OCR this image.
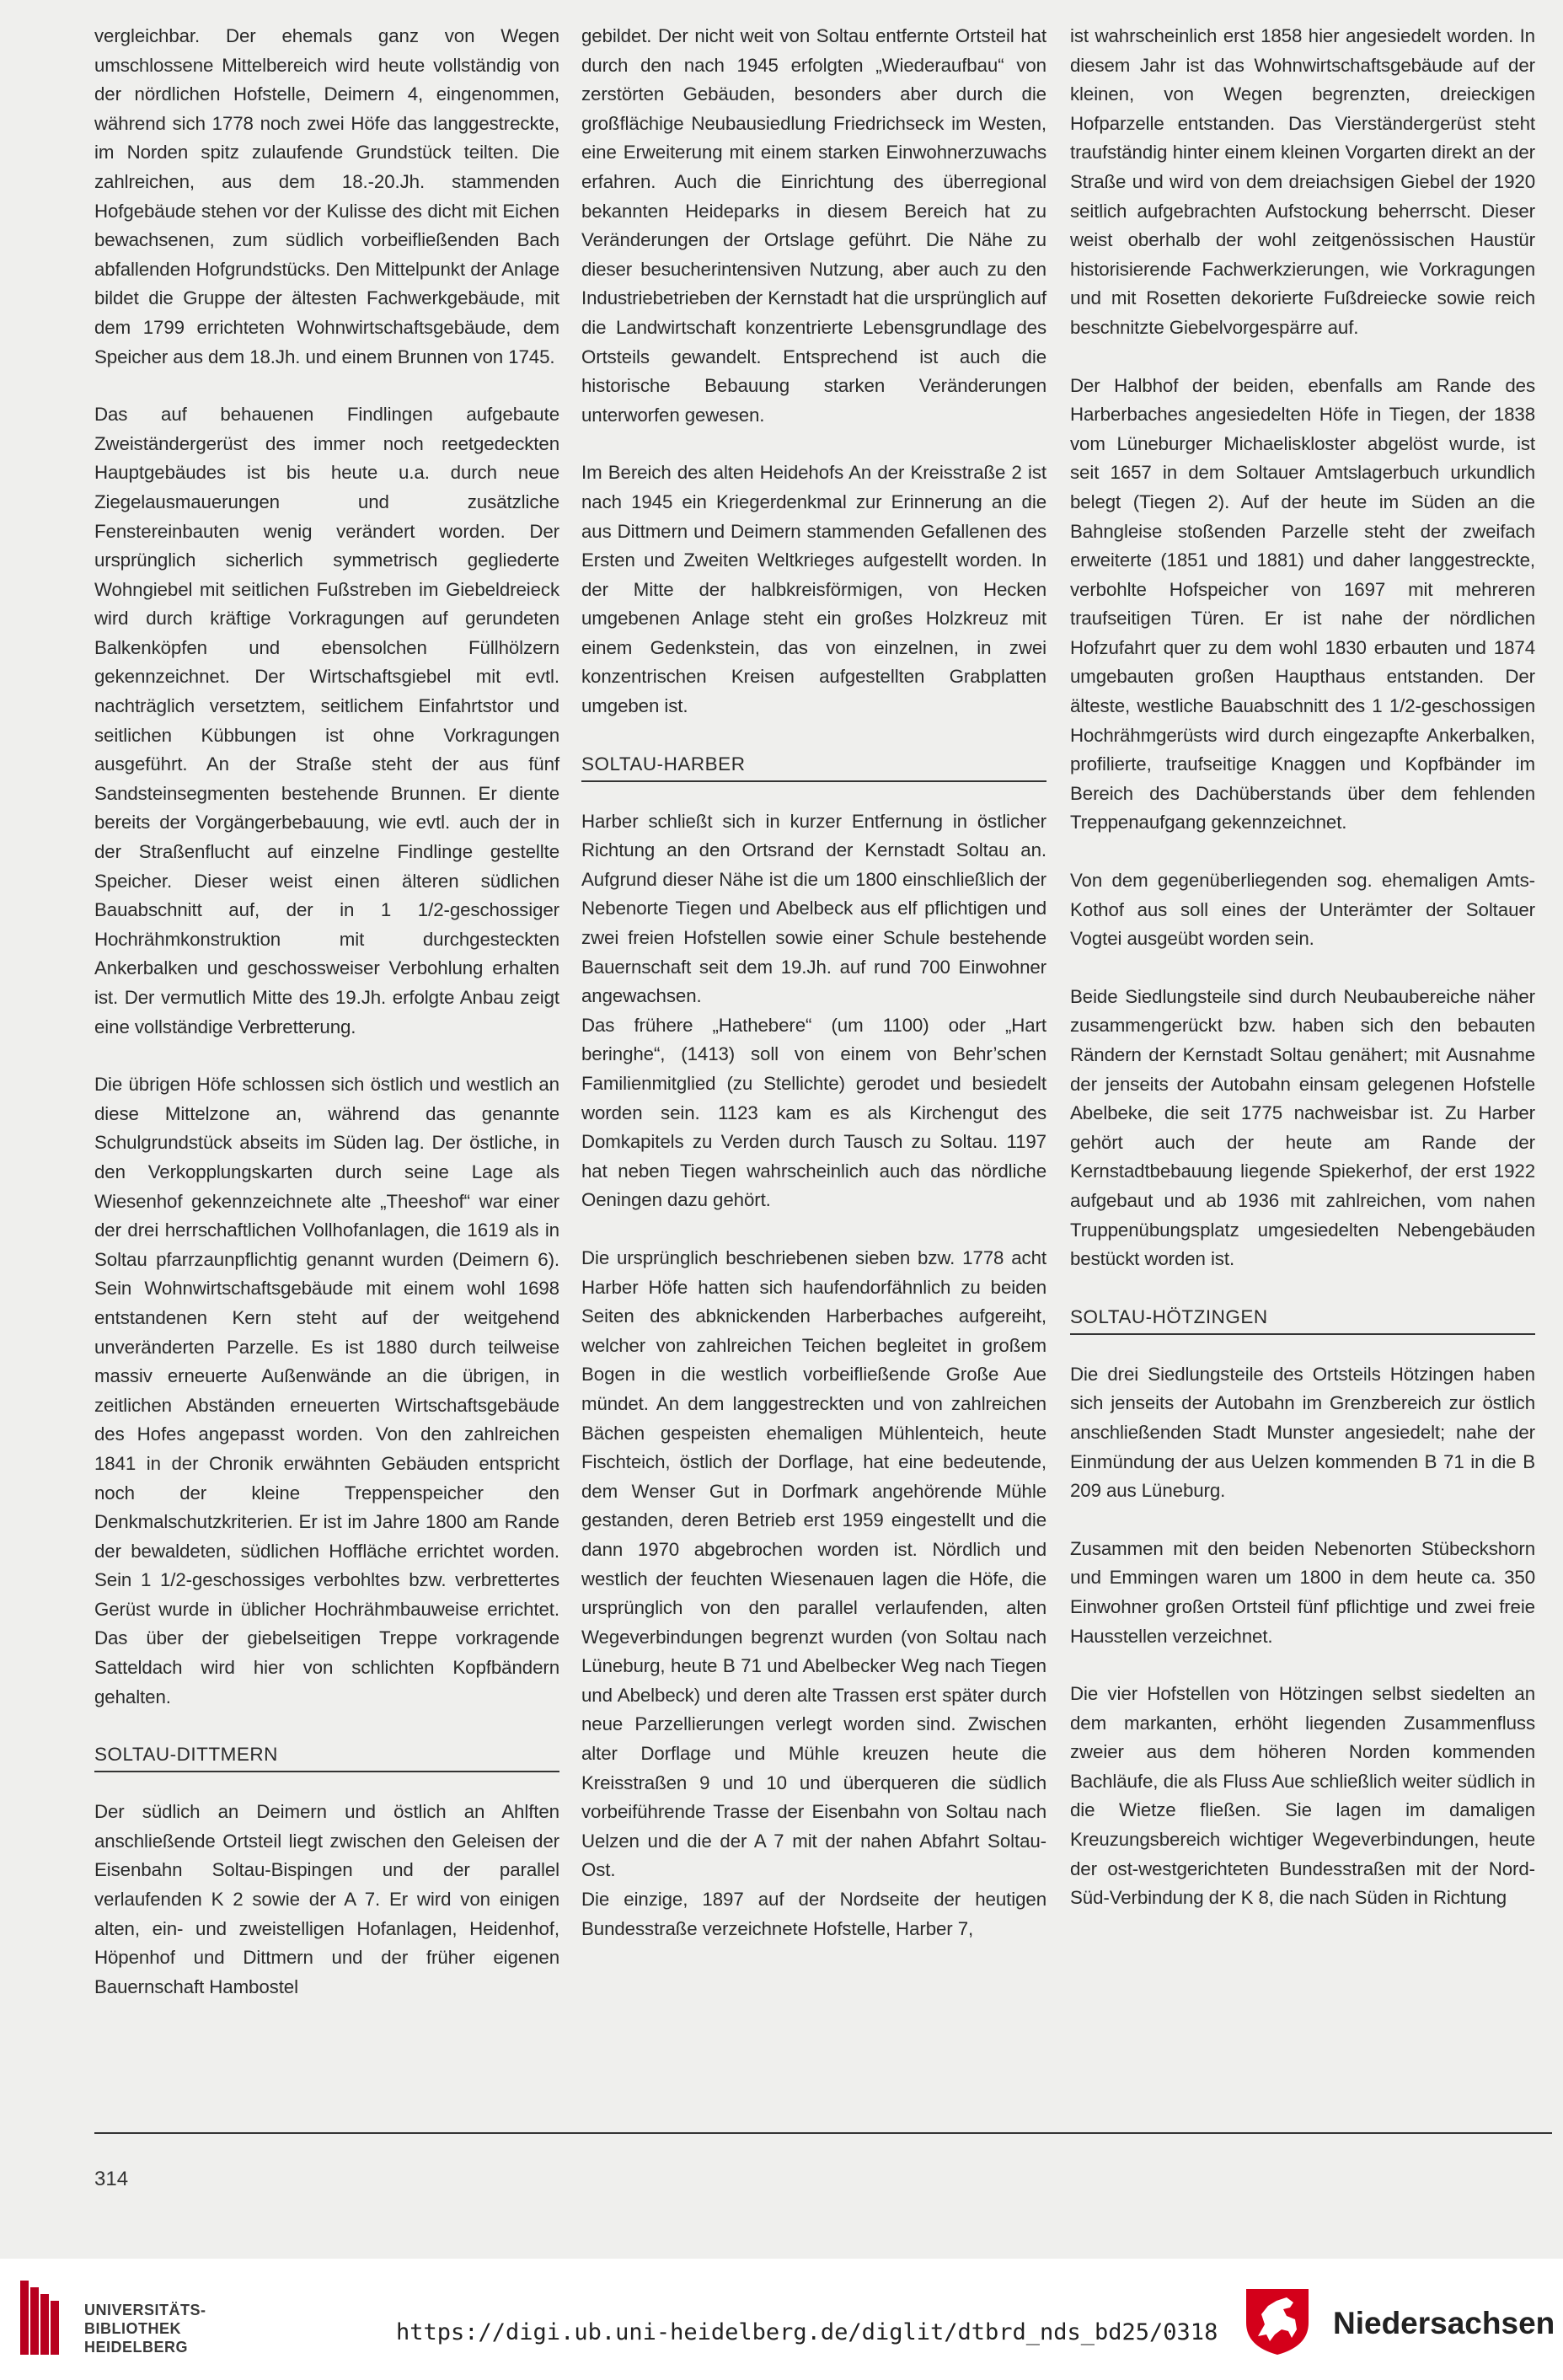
vergleichbar. Der ehemals ganz von Wegen umschlossene Mittelbereich wird heute vollständig von der nördlichen Hofstelle, Deimern 4, eingenommen, während sich 1778 noch zwei Höfe das langgestreckte, im Norden spitz zulaufende Grundstück teilten. Die zahlreichen, aus dem 18.-20.Jh. stammenden Hofgebäude stehen vor der Kulisse des dicht mit Eichen bewachsenen, zum südlich vorbeifließenden Bach abfallenden Hofgrundstücks. Den Mittelpunkt der Anlage bildet die Gruppe der ältesten Fachwerkgebäude, mit dem 1799 errichteten Wohnwirtschaftsgebäude, dem Speicher aus dem 18.Jh. und einem Brunnen von 1745.

Das auf behauenen Findlingen aufgebaute Zweiständergerüst des immer noch reetgedeckten Hauptgebäudes ist bis heute u.a. durch neue Ziegelausmauerungen und zusätzliche Fenstereinbauten wenig verändert worden. Der ursprünglich sicherlich symmetrisch gegliederte Wohngiebel mit seitlichen Fußstreben im Giebeldreieck wird durch kräftige Vorkragungen auf gerundeten Balkenköpfen und ebensolchen Füllhölzern gekennzeichnet. Der Wirtschaftsgiebel mit evtl. nachträglich versetztem, seitlichem Einfahrtstor und seitlichen Kübbungen ist ohne Vorkragungen ausgeführt. An der Straße steht der aus fünf Sandsteinsegmenten bestehende Brunnen. Er diente bereits der Vorgängerbebauung, wie evtl. auch der in der Straßenflucht auf einzelne Findlinge gestellte Speicher. Dieser weist einen älteren südlichen Bauabschnitt auf, der in 1 1/2-geschossiger Hochrähmkonstruktion mit durchgesteckten Ankerbalken und geschossweiser Verbohlung erhalten ist. Der vermutlich Mitte des 19.Jh. erfolgte Anbau zeigt eine vollständige Verbretterung.

Die übrigen Höfe schlossen sich östlich und westlich an diese Mittelzone an, während das genannte Schulgrundstück abseits im Süden lag. Der östliche, in den Verkopplungskarten durch seine Lage als Wiesenhof gekennzeichnete alte „Theeshof“ war einer der drei herrschaftlichen Vollhofanlagen, die 1619 als in Soltau pfarrzaunpflichtig genannt wurden (Deimern 6). Sein Wohnwirtschaftsgebäude mit einem wohl 1698 entstandenen Kern steht auf der weitgehend unveränderten Parzelle. Es ist 1880 durch teilweise massiv erneuerte Außenwände an die übrigen, in zeitlichen Abständen erneuerten Wirtschaftsgebäude des Hofes angepasst worden. Von den zahlreichen 1841 in der Chronik erwähnten Gebäuden entspricht noch der kleine Treppenspeicher den Denkmalschutzkriterien. Er ist im Jahre 1800 am Rande der bewaldeten, südlichen Hoffläche errichtet worden. Sein 1 1/2-geschossiges verbohltes bzw. verbrettertes Gerüst wurde in üblicher Hochrähmbauweise errichtet. Das über der giebelseitigen Treppe vorkragende Satteldach wird hier von schlichten Kopfbändern gehalten.

SOLTAU-DITTMERN

Der südlich an Deimern und östlich an Ahlften anschließende Ortsteil liegt zwischen den Geleisen der Eisenbahn Soltau-Bispingen und der parallel verlaufenden K 2 sowie der A 7. Er wird von einigen alten, ein- und zweistelligen Hofanlagen, Heidenhof, Höpenhof und Dittmern und der früher eigenen Bauernschaft Hambostel

gebildet. Der nicht weit von Soltau entfernte Ortsteil hat durch den nach 1945 erfolgten „Wiederaufbau“ von zerstörten Gebäuden, besonders aber durch die großflächige Neubausiedlung Friedrichseck im Westen, eine Erweiterung mit einem starken Einwohnerzuwachs erfahren. Auch die Einrichtung des überregional bekannten Heideparks in diesem Bereich hat zu Veränderungen der Ortslage geführt. Die Nähe zu dieser besucherintensiven Nutzung, aber auch zu den Industriebetrieben der Kernstadt hat die ursprünglich auf die Landwirtschaft konzentrierte Lebensgrundlage des Ortsteils gewandelt. Entsprechend ist auch die historische Bebauung starken Veränderungen unterworfen gewesen.

Im Bereich des alten Heidehofs An der Kreisstraße 2 ist nach 1945 ein Kriegerdenkmal zur Erinnerung an die aus Dittmern und Deimern stammenden Gefallenen des Ersten und Zweiten Weltkrieges aufgestellt worden. In der Mitte der halbkreisförmigen, von Hecken umgebenen Anlage steht ein großes Holzkreuz mit einem Gedenkstein, das von einzelnen, in zwei konzentrischen Kreisen aufgestellten Grabplatten umgeben ist.

SOLTAU-HARBER

Harber schließt sich in kurzer Entfernung in östlicher Richtung an den Ortsrand der Kernstadt Soltau an. Aufgrund dieser Nähe ist die um 1800 einschließlich der Nebenorte Tiegen und Abelbeck aus elf pflichtigen und zwei freien Hofstellen sowie einer Schule bestehende Bauernschaft seit dem 19.Jh. auf rund 700 Einwohner angewachsen.

Das frühere „Hathebere“ (um 1100) oder „Hart beringhe“, (1413) soll von einem von Behr’schen Familienmitglied (zu Stellichte) gerodet und besiedelt worden sein. 1123 kam es als Kirchengut des Domkapitels zu Verden durch Tausch zu Soltau. 1197 hat neben Tiegen wahrscheinlich auch das nördliche Oeningen dazu gehört.

Die ursprünglich beschriebenen sieben bzw. 1778 acht Harber Höfe hatten sich haufendorfähnlich zu beiden Seiten des abknickenden Harberbaches aufgereiht, welcher von zahlreichen Teichen begleitet in großem Bogen in die westlich vorbeifließende Große Aue mündet. An dem langgestreckten und von zahlreichen Bächen gespeisten ehemaligen Mühlenteich, heute Fischteich, östlich der Dorflage, hat eine bedeutende, dem Wenser Gut in Dorfmark angehörende Mühle gestanden, deren Betrieb erst 1959 eingestellt und die dann 1970 abgebrochen worden ist. Nördlich und westlich der feuchten Wiesenauen lagen die Höfe, die ursprünglich von den parallel verlaufenden, alten Wegeverbindungen begrenzt wurden (von Soltau nach Lüneburg, heute B 71 und Abelbecker Weg nach Tiegen und Abelbeck) und deren alte Trassen erst später durch neue Parzellierungen verlegt worden sind. Zwischen alter Dorflage und Mühle kreuzen heute die Kreisstraßen 9 und 10 und überqueren die südlich vorbeiführende Trasse der Eisenbahn von Soltau nach Uelzen und die der A 7 mit der nahen Abfahrt Soltau-Ost.

Die einzige, 1897 auf der Nordseite der heutigen Bundesstraße verzeichnete Hofstelle, Harber 7,

ist wahrscheinlich erst 1858 hier angesiedelt worden. In diesem Jahr ist das Wohnwirtschaftsgebäude auf der kleinen, von Wegen begrenzten, dreieckigen Hofparzelle entstanden. Das Vierständergerüst steht traufständig hinter einem kleinen Vorgarten direkt an der Straße und wird von dem dreiachsigen Giebel der 1920 seitlich aufgebrachten Aufstockung beherrscht. Dieser weist oberhalb der wohl zeitgenössischen Haustür historisierende Fachwerkzierungen, wie Vorkragungen und mit Rosetten dekorierte Fußdreiecke sowie reich beschnitzte Giebelvorgespärre auf.

Der Halbhof der beiden, ebenfalls am Rande des Harberbaches angesiedelten Höfe in Tiegen, der 1838 vom Lüneburger Michaeliskloster abgelöst wurde, ist seit 1657 in dem Soltauer Amtslagerbuch urkundlich belegt (Tiegen 2). Auf der heute im Süden an die Bahngleise stoßenden Parzelle steht der zweifach erweiterte (1851 und 1881) und daher langgestreckte, verbohlte Hofspeicher von 1697 mit mehreren traufseitigen Türen. Er ist nahe der nördlichen Hofzufahrt quer zu dem wohl 1830 erbauten und 1874 umgebauten großen Haupthaus entstanden. Der älteste, westliche Bauabschnitt des 1 1/2-geschossigen Hochrähmgerüsts wird durch eingezapfte Ankerbalken, profilierte, traufseitige Knaggen und Kopfbänder im Bereich des Dachüberstands über dem fehlenden Treppenaufgang gekennzeichnet.

Von dem gegenüberliegenden sog. ehemaligen Amts-Kothof aus soll eines der Unterämter der Soltauer Vogtei ausgeübt worden sein.

Beide Siedlungsteile sind durch Neubaubereiche näher zusammengerückt bzw. haben sich den bebauten Rändern der Kernstadt Soltau genähert; mit Ausnahme der jenseits der Autobahn einsam gelegenen Hofstelle Abelbeke, die seit 1775 nachweisbar ist. Zu Harber gehört auch der heute am Rande der Kernstadtbebauung liegende Spiekerhof, der erst 1922 aufgebaut und ab 1936 mit zahlreichen, vom nahen Truppenübungsplatz umgesiedelten Nebengebäuden bestückt worden ist.

SOLTAU-HÖTZINGEN

Die drei Siedlungsteile des Ortsteils Hötzingen haben sich jenseits der Autobahn im Grenzbereich zur östlich anschließenden Stadt Munster angesiedelt; nahe der Einmündung der aus Uelzen kommenden B 71 in die B 209 aus Lüneburg.

Zusammen mit den beiden Nebenorten Stübeckshorn und Emmingen waren um 1800 in dem heute ca. 350 Einwohner großen Ortsteil fünf pflichtige und zwei freie Hausstellen verzeichnet.

Die vier Hofstellen von Hötzingen selbst siedelten an dem markanten, erhöht liegenden Zusammenfluss zweier aus dem höheren Norden kommenden Bachläufe, die als Fluss Aue schließlich weiter südlich in die Wietze fließen. Sie lagen im damaligen Kreuzungsbereich wichtiger Wegeverbindungen, heute der ost-westgerichteten Bundesstraßen mit der Nord-Süd-Verbindung der K 8, die nach Süden in Richtung

314
UNIVERSITÄTS-
BIBLIOTHEK
HEIDELBERG
https://digi.ub.uni-heidelberg.de/diglit/dtbrd_nds_bd25/0318	Niedersachsen
